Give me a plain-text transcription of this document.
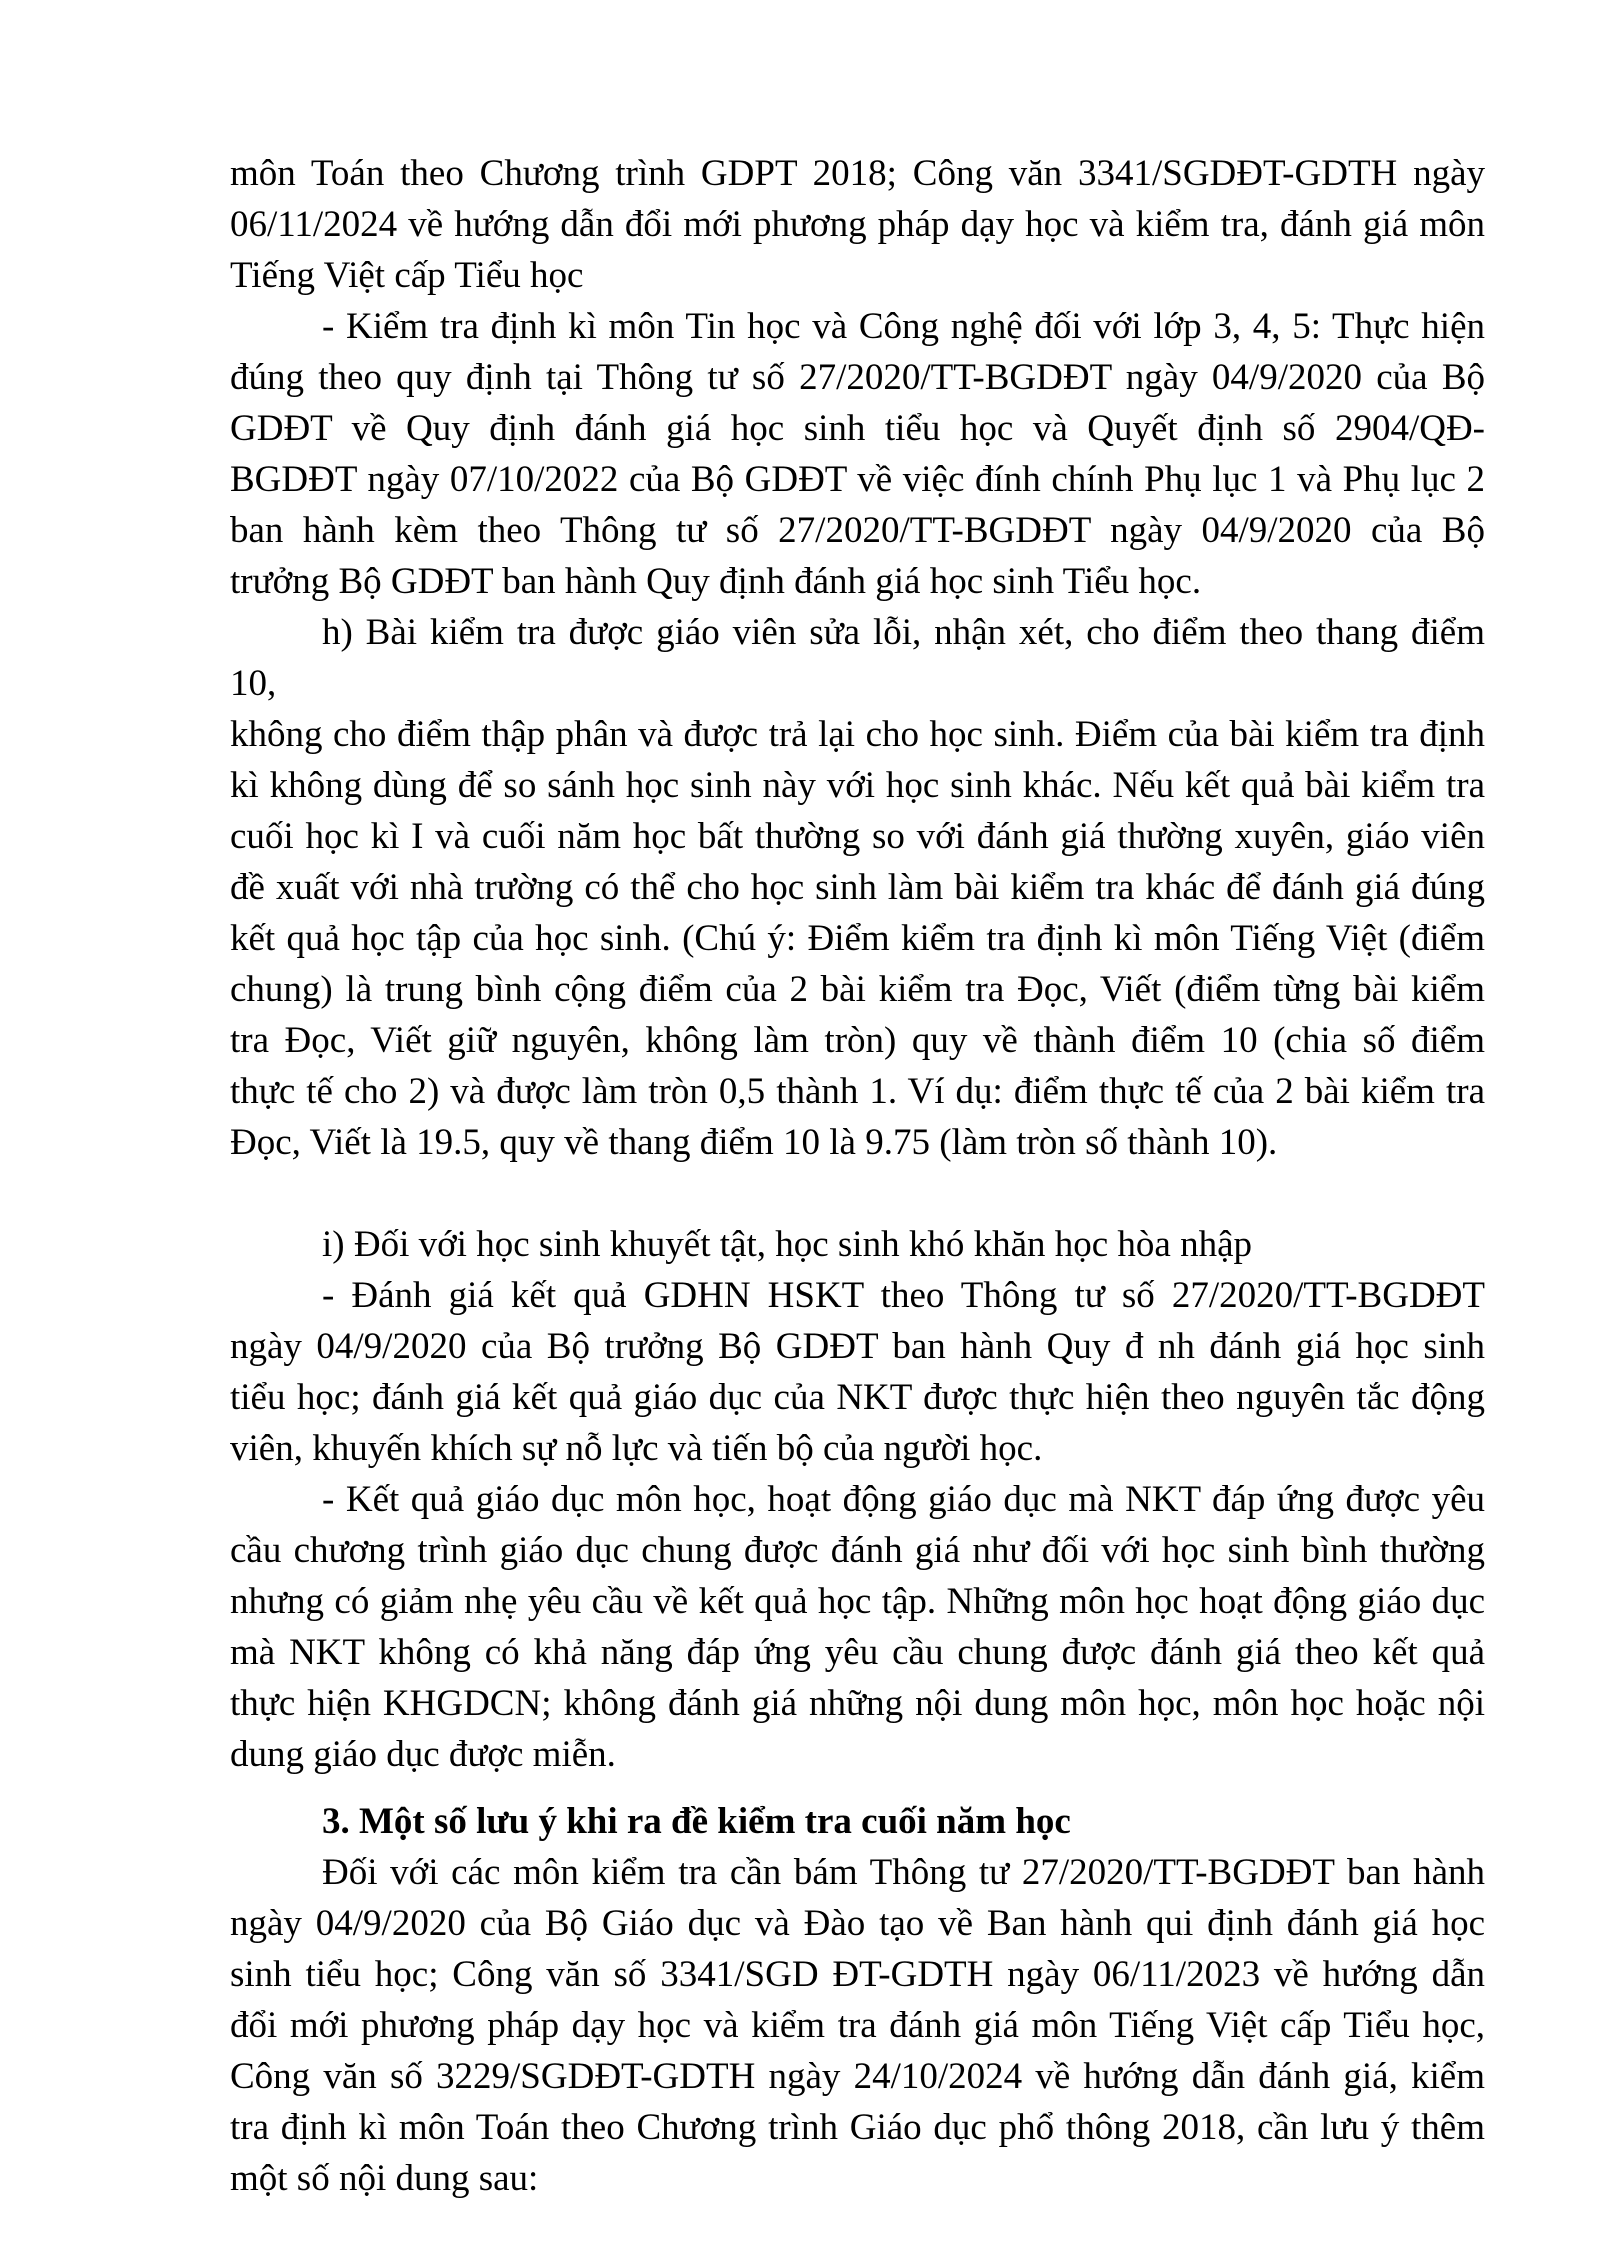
môn Toán theo Chương trình GDPT 2018; Công văn 3341/SGDĐT-GDTH ngày
06/11/2024 về hướng dẫn đổi mới phương pháp dạy học và kiểm tra, đánh giá môn
Tiếng Việt cấp Tiểu học
- Kiểm tra định kì môn Tin học và Công nghệ đối với lớp 3, 4, 5: Thực hiện
đúng theo quy định tại Thông tư số 27/2020/TT-BGDĐT ngày 04/9/2020 của Bộ
GDĐT về Quy định đánh giá học sinh tiểu học và Quyết định số 2904/QĐ-
BGDĐT ngày 07/10/2022 của Bộ GDĐT về việc đính chính Phụ lục 1 và Phụ lục 2
ban hành kèm theo Thông tư số 27/2020/TT-BGDĐT ngày 04/9/2020 của Bộ
trưởng Bộ GDĐT ban hành Quy định đánh giá học sinh Tiểu học.
h) Bài kiểm tra được giáo viên sửa lỗi, nhận xét, cho điểm theo thang điểm 10,
không cho điểm thập phân và được trả lại cho học sinh. Điểm của bài kiểm tra định
kì không dùng để so sánh học sinh này với học sinh khác. Nếu kết quả bài kiểm tra
cuối học kì I và cuối năm học bất thường so với đánh giá thường xuyên, giáo viên
đề xuất với nhà trường có thể cho học sinh làm bài kiểm tra khác để đánh giá đúng
kết quả học tập của học sinh. (Chú ý: Điểm kiểm tra định kì môn Tiếng Việt (điểm
chung) là trung bình cộng điểm của 2 bài kiểm tra Đọc, Viết (điểm từng bài kiểm
tra Đọc, Viết giữ nguyên, không làm tròn) quy về thành điểm 10 (chia số điểm
thực tế cho 2) và được làm tròn 0,5 thành 1. Ví dụ: điểm thực tế của 2 bài kiểm tra
Đọc, Viết là 19.5, quy về thang điểm 10 là 9.75 (làm tròn số thành 10).
i) Đối với học sinh khuyết tật, học sinh khó khăn học hòa nhập
- Đánh giá kết quả GDHN HSKT theo Thông tư số 27/2020/TT-BGDĐT
ngày 04/9/2020 của Bộ trưởng Bộ GDĐT ban hành Quy đ nh đánh giá học sinh
tiểu học; đánh giá kết quả giáo dục của NKT được thực hiện theo nguyên tắc động
viên, khuyến khích sự nỗ lực và tiến bộ của người học.
- Kết quả giáo dục môn học, hoạt động giáo dục mà NKT đáp ứng được yêu
cầu chương trình giáo dục chung được đánh giá như đối với học sinh bình thường
nhưng có giảm nhẹ yêu cầu về kết quả học tập. Những môn học hoạt động giáo dục
mà NKT không có khả năng đáp ứng yêu cầu chung được đánh giá theo kết quả
thực hiện KHGDCN; không đánh giá những nội dung môn học, môn học hoặc nội
dung giáo dục được miễn.
3. Một số lưu ý khi ra đề kiểm tra cuối năm học
Đối với các môn kiểm tra cần bám Thông tư 27/2020/TT-BGDĐT ban hành
ngày 04/9/2020 của Bộ Giáo dục và Đào tạo về Ban hành qui định đánh giá học
sinh tiểu học; Công văn số 3341/SGD ĐT-GDTH ngày 06/11/2023 về hướng dẫn
đổi mới phương pháp dạy học và kiểm tra đánh giá môn Tiếng Việt cấp Tiểu học,
Công văn số 3229/SGDĐT-GDTH ngày 24/10/2024 về hướng dẫn đánh giá, kiểm
tra định kì môn Toán theo Chương trình Giáo dục phổ thông 2018, cần lưu ý thêm
một số nội dung sau:
